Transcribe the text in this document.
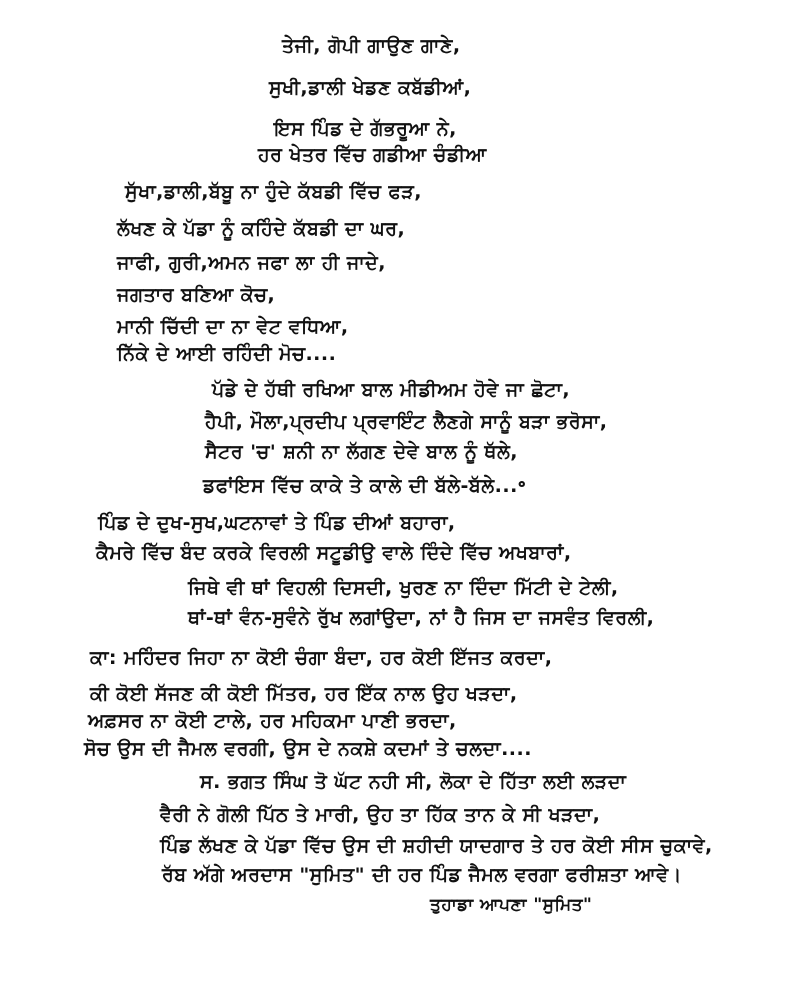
ਤੇਜੀ, ਗੋਪੀ ਗਾਉਣ ਗਾਣੇ,
ਸੁਖੀ,ਡਾਲੀ ਖੇਡਣ ਕਬੱਡੀਆਂ,
ਇਸ ਪਿੰਡ ਦੇ ਗੱਭਰੂਆ ਨੇ,
ਹਰ ਖੇਤਰ ਵਿੱਚ ਗਡੀਆ ਚੰਡੀਆ
ਸੁੱਖਾ,ਡਾਲੀ,ਬੱਬੂ ਨਾ ਹੁੰਦੇ ਕੱਬਡੀ ਵਿੱਚ ਫੜ,
ਲੱਖਣ ਕੇ ਪੱਡਾ ਨੂੰ ਕਹਿੰਦੇ ਕੱਬਡੀ ਦਾ ਘਰ,
ਜਾਫੀ, ਗੁਰੀ,ਅਮਨ ਜਫਾ ਲਾ ਹੀ ਜਾਦੇ,
ਜਗਤਾਰ ਬਣਿਆ ਕੋਚ,
ਮਾਨੀ ਚਿੱਦੀ ਦਾ ਨਾ ਵੇਟ ਵਧਿਆ,
ਨਿੱਕੇ ਦੇ ਆਈ ਰਹਿੰਦੀ ਮੋਚ....
ਪੱਡੇ ਦੇ ਹੱਥੀ ਰਖਿਆ ਬਾਲ ਮੀਡੀਅਮ ਹੋਵੇ ਜਾ ਛੋਟਾ,
ਹੈਪੀ, ਮੌਲਾ,ਪ੍ਰਦੀਪ ਪ੍ਰਵਾਇੰਟ ਲੈਣਗੇ ਸਾਨੂੰ ਬੜਾ ਭਰੋਸਾ,
ਸੈਟਰ 'ਚ' ਸ਼ਨੀ ਨਾ ਲੱਗਣ ਦੇਵੇ ਬਾਲ ਨੂੰ ਥੱਲੇ,
ਡਫਾਂਇਸ ਵਿੱਚ ਕਾਕੇ ਤੇ ਕਾਲੇ ਦੀ ਬੱਲੇ-ਬੱਲੇ...॰
ਪਿੰਡ ਦੇ ਦੁਖ-ਸੁਖ,ਘਟਨਾਵਾਂ ਤੇ ਪਿੰਡ ਦੀਆਂ ਬਹਾਰਾ,
ਕੈਮਰੇ ਵਿੱਚ ਬੰਦ ਕਰਕੇ ਵਿਰਲੀ ਸਟੂਡੀਉ ਵਾਲੇ ਦਿੰਦੇ ਵਿੱਚ ਅਖਬਾਰਾਂ,
ਜਿਥੇ ਵੀ ਥਾਂ ਵਿਹਲੀ ਦਿਸਦੀ, ਖੁਰਣ ਨਾ ਦਿੰਦਾ ਮਿੱਟੀ ਦੇ ਟੇਲੀ,
ਥਾਂ-ਥਾਂ ਵੰਨ-ਸੁਵੰਨੇ ਰੁੱਖ ਲਗਾਂਉਦਾ, ਨਾਂ ਹੈ ਜਿਸ ਦਾ ਜਸਵੰਤ ਵਿਰਲੀ,
ਕਾ: ਮਹਿੰਦਰ ਜਿਹਾ ਨਾ ਕੋਈ ਚੰਗਾ ਬੰਦਾ, ਹਰ ਕੋਈ ਇੱਜਤ ਕਰਦਾ,
ਕੀ ਕੋਈ ਸੱਜਣ ਕੀ ਕੋਈ ਮਿੱਤਰ, ਹਰ ਇੱਕ ਨਾਲ ਉਹ ਖੜਦਾ,
ਅਫ਼ਸਰ ਨਾ ਕੋਈ ਟਾਲੇ, ਹਰ ਮਹਿਕਮਾ ਪਾਣੀ ਭਰਦਾ,
ਸੋਚ ਉਸ ਦੀ ਜੈਮਲ ਵਰਗੀ, ਉਸ ਦੇ ਨਕਸ਼ੇ ਕਦਮਾਂ ਤੇ ਚਲਦਾ....
ਸ. ਭਗਤ ਸਿੰਘ ਤੋ ਘੱਟ ਨਹੀ ਸੀ, ਲੋਕਾ ਦੇ ਹਿੱਤਾ ਲਈ ਲੜਦਾ
ਵੈਰੀ ਨੇ ਗੋਲੀ ਪਿੱਠ ਤੇ ਮਾਰੀ, ਉਹ ਤਾ ਹਿੱਕ ਤਾਨ ਕੇ ਸੀ ਖੜਦਾ,
ਪਿੰਡ ਲੱਖਣ ਕੇ ਪੱਡਾ ਵਿੱਚ ਉਸ ਦੀ ਸ਼ਹੀਦੀ ਯਾਦਗਾਰ ਤੇ ਹਰ ਕੋਈ ਸੀਸ ਚੁਕਾਵੇ,
ਰੱਬ ਅੱਗੇ ਅਰਦਾਸ "ਸੁਮਿਤ" ਦੀ ਹਰ ਪਿੰਡ ਜੈਮਲ ਵਰਗਾ ਫਰੀਸ਼ਤਾ ਆਵੇ।
ਤੁਹਾਡਾ ਆਪਣਾ "ਸੁਮਿਤ"
